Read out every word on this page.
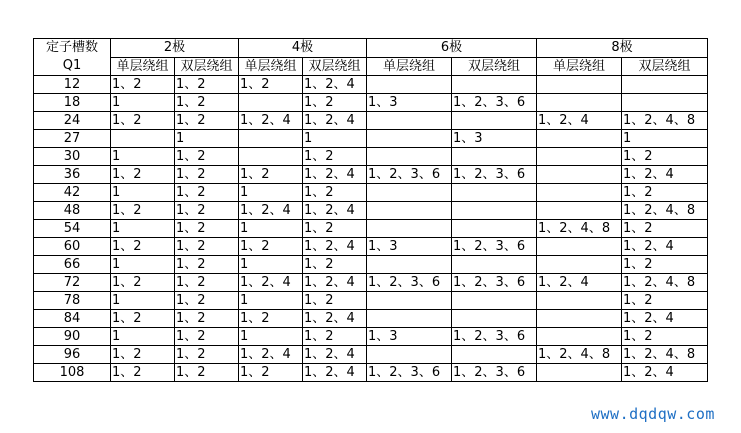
定子槽数
Q1	2极		4极		6极		8极	
	单层绕组	双层绕组	单层绕组	双层绕组	单层绕组	双层绕组	单层绕组	双层绕组
12	1、2	1、2	1、2	1、2、4				
18	1	1、2		1、2	1、3	1、2、3、6		
24	1、2	1、2	1、2、4	1、2、4			1、2、4	1、2、4、8
27		1		1		1、3		1
30	1	1、2		1、2				1、2
36	1、2	1、2	1、2	1、2、4	1、2、3、6	1、2、3、6		1、2、4
42	1	1、2	1	1、2				1、2
48	1、2	1、2	1、2、4	1、2、4				1、2、4、8
54	1	1、2	1	1、2			1、2、4、8	1、2
60	1、2	1、2	1、2	1、2、4	1、3	1、2、3、6		1、2、4
66	1	1、2	1	1、2				1、2
72	1、2	1、2	1、2、4	1、2、4	1、2、3、6	1、2、3、6	1、2、4	1、2、4、8
78	1	1、2	1	1、2				1、2
84	1、2	1、2	1、2	1、2、4				1、2、4
90	1	1、2	1	1、2	1、3	1、2、3、6		1、2
96	1、2	1、2	1、2、4	1、2、4			1、2、4、8	1、2、4、8
108	1、2	1、2	1、2	1、2、4	1、2、3、6	1、2、3、6		1、2、4
www.dqdqw.com
